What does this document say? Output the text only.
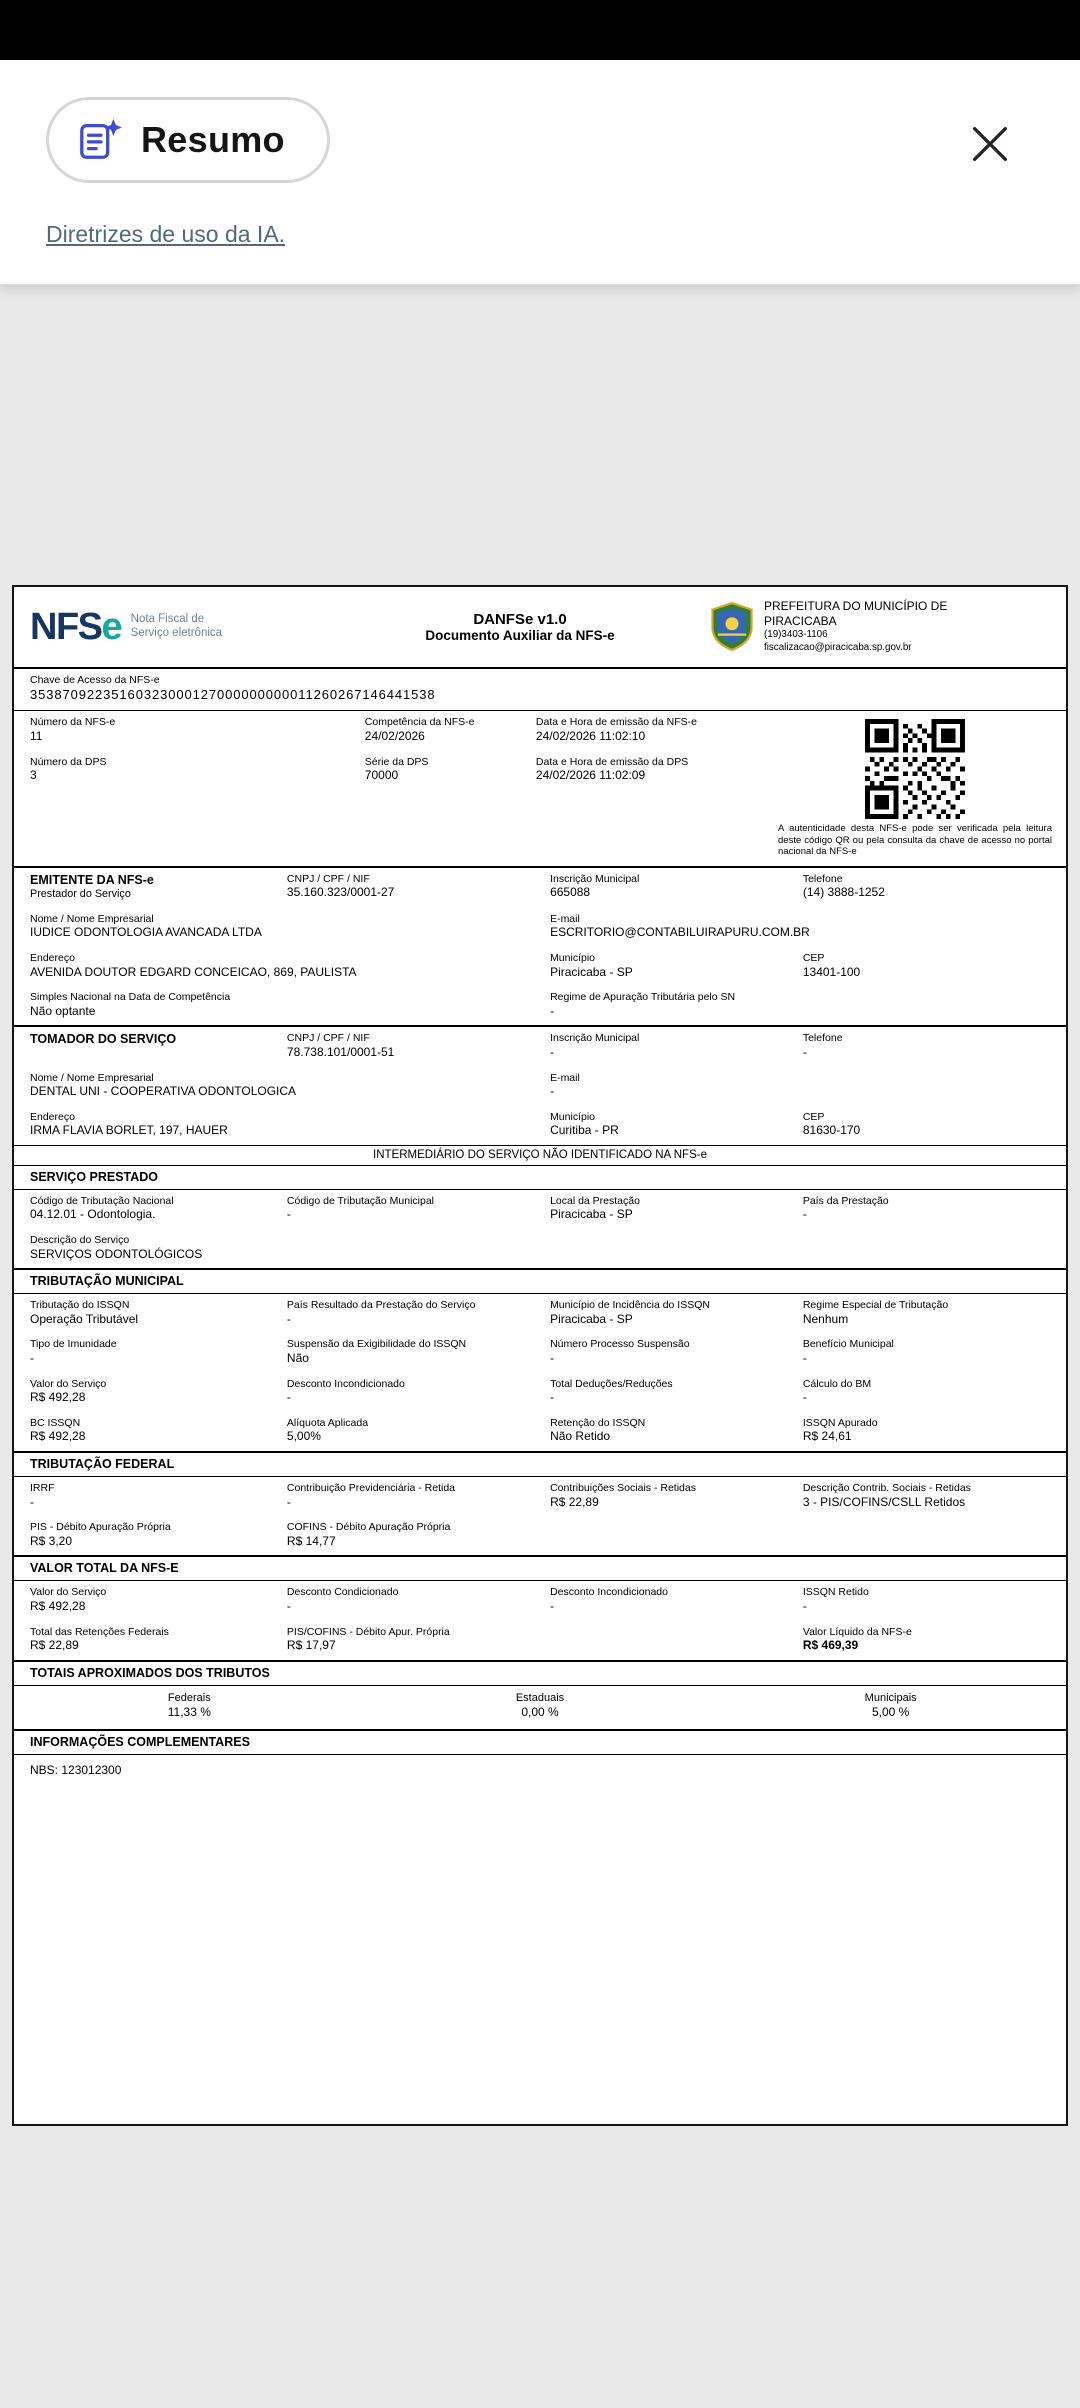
Resumo

Diretrizes de uso da IA.
NFSe Nota Fiscal de
Serviço eletrônica
DANFSe v1.0
Documento Auxiliar da NFS-e
PREFEITURA DO MUNICÍPIO DE
PIRACICABA
(19)3403-1106
fiscalizacao@piracicaba.sp.gov.br
Chave de Acesso da NFS-e
35387092235160323000127000000000011260267146441538
Número da NFS-e
11
Competência da NFS-e
24/02/2026
Data e Hora de emissão da NFS-e
24/02/2026 11:02:10
Número da DPS
3
Série da DPS
70000
Data e Hora de emissão da DPS
24/02/2026 11:02:09
A autenticidade desta NFS-e pode ser verificada pela leitura deste código QR ou pela consulta da chave de acesso no portal nacional da NFS-e
EMITENTE DA NFS-e
Prestador do Serviço
CNPJ / CPF / NIF
35.160.323/0001-27
Inscrição Municipal
665088
Telefone
(14) 3888-1252
Nome / Nome Empresarial
IUDICE ODONTOLOGIA AVANCADA LTDA
E-mail
ESCRITORIO@CONTABILUIRAPURU.COM.BR
Endereço
AVENIDA DOUTOR EDGARD CONCEICAO, 869, PAULISTA
Município
Piracicaba - SP
CEP
13401-100
Simples Nacional na Data de Competência
Não optante
Regime de Apuração Tributária pelo SN
-
TOMADOR DO SERVIÇO	CNPJ / CPF / NIF
78.738.101/0001-51
Inscrição Municipal
-
Telefone
-
Nome / Nome Empresarial
DENTAL UNI - COOPERATIVA ODONTOLOGICA
E-mail
-
Endereço
IRMA FLAVIA BORLET, 197, HAUER
Município
Curitiba - PR
CEP
81630-170
INTERMEDIÁRIO DO SERVIÇO NÃO IDENTIFICADO NA NFS-e
SERVIÇO PRESTADO
Código de Tributação Nacional
04.12.01 - Odontologia.
Código de Tributação Municipal
-
Local da Prestação
Piracicaba - SP
País da Prestação
-
Descrição do Serviço
SERVIÇOS ODONTOLÓGICOS
TRIBUTAÇÃO MUNICIPAL
Tributação do ISSQN
Operação Tributável
País Resultado da Prestação do Serviço
-
Município de Incidência do ISSQN
Piracicaba - SP
Regime Especial de Tributação
Nenhum
Tipo de Imunidade
-
Suspensão da Exigibilidade do ISSQN
Não
Número Processo Suspensão
-
Benefício Municipal
-
Valor do Serviço
R$ 492,28
Desconto Incondicionado
-
Total Deduções/Reduções
-
Cálculo do BM
-
BC ISSQN
R$ 492,28
Alíquota Aplicada
5,00%
Retenção do ISSQN
Não Retido
ISSQN Apurado
R$ 24,61
TRIBUTAÇÃO FEDERAL
IRRF
-
Contribuição Previdenciária - Retida
-
Contribuições Sociais - Retidas
R$ 22,89
Descrição Contrib. Sociais - Retidas
3 - PIS/COFINS/CSLL Retidos
PIS - Débito Apuração Própria
R$ 3,20
COFINS - Débito Apuração Própria
R$ 14,77
VALOR TOTAL DA NFS-E
Valor do Serviço
R$ 492,28
Desconto Condicionado
-
Desconto Incondicionado
-
ISSQN Retido
-
Total das Retenções Federais
R$ 22,89
PIS/COFINS - Débito Apur. Própria
R$ 17,97
Valor Líquido da NFS-e
R$ 469,39
TOTAIS APROXIMADOS DOS TRIBUTOS
Federais
11,33 %
Estaduais
0,00 %
Municipais
5,00 %
INFORMAÇÕES COMPLEMENTARES
NBS: 123012300
